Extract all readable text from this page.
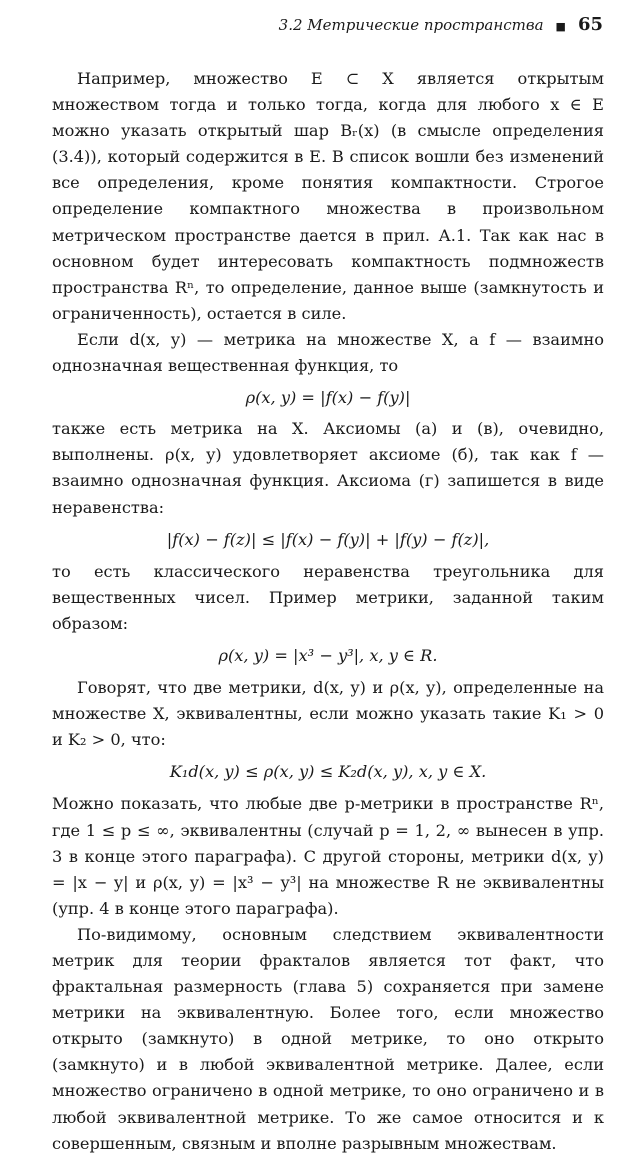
3.2 Метрические пространства ■ 65

Например, множество E ⊂ X является открытым множеством тогда и только тогда, когда для любого x ∈ E можно указать открытый шар Bᵣ(x) (в смысле определения (3.4)), который содержится в E. В список вошли без изменений все определения, кроме понятия компактности. Строгое определение компактного множества в произвольном метрическом пространстве дается в прил. А.1. Так как нас в основном будет интересовать компактность подмножеств пространства Rⁿ, то определение, данное выше (замкнутость и ограниченность), остается в силе.

Если d(x, y) — метрика на множестве X, а f — взаимно однозначная вещественная функция, то

ρ(x, y) = |f(x) − f(y)|

также есть метрика на X. Аксиомы (а) и (в), очевидно, выполнены. ρ(x, y) удовлетворяет аксиоме (б), так как f — взаимно однозначная функция. Аксиома (г) запишется в виде неравенства:

|f(x) − f(z)| ≤ |f(x) − f(y)| + |f(y) − f(z)|,

то есть классического неравенства треугольника для вещественных чисел. Пример метрики, заданной таким образом:

ρ(x, y) = |x³ − y³|, x, y ∈ R.

Говорят, что две метрики, d(x, y) и ρ(x, y), определенные на множестве X, эквивалентны, если можно указать такие K₁ > 0 и K₂ > 0, что:

K₁d(x, y) ≤ ρ(x, y) ≤ K₂d(x, y), x, y ∈ X.

Можно показать, что любые две p-метрики в пространстве Rⁿ, где 1 ≤ p ≤ ∞, эквивалентны (случай p = 1, 2, ∞ вынесен в упр. 3 в конце этого параграфа). С другой стороны, метрики d(x, y) = |x − y| и ρ(x, y) = |x³ − y³| на множестве R не эквивалентны (упр. 4 в конце этого параграфа).

По-видимому, основным следствием эквивалентности метрик для теории фракталов является тот факт, что фрактальная размерность (глава 5) сохраняется при замене метрики на эквивалентную. Более того, если множество открыто (замкнуто) в одной метрике, то оно открыто (замкнуто) и в любой эквивалентной метрике. Далее, если множество ограничено в одной метрике, то оно ограничено и в любой эквивалентной метрике. То же самое относится и к совершенным, связным и вполне разрывным множествам.
